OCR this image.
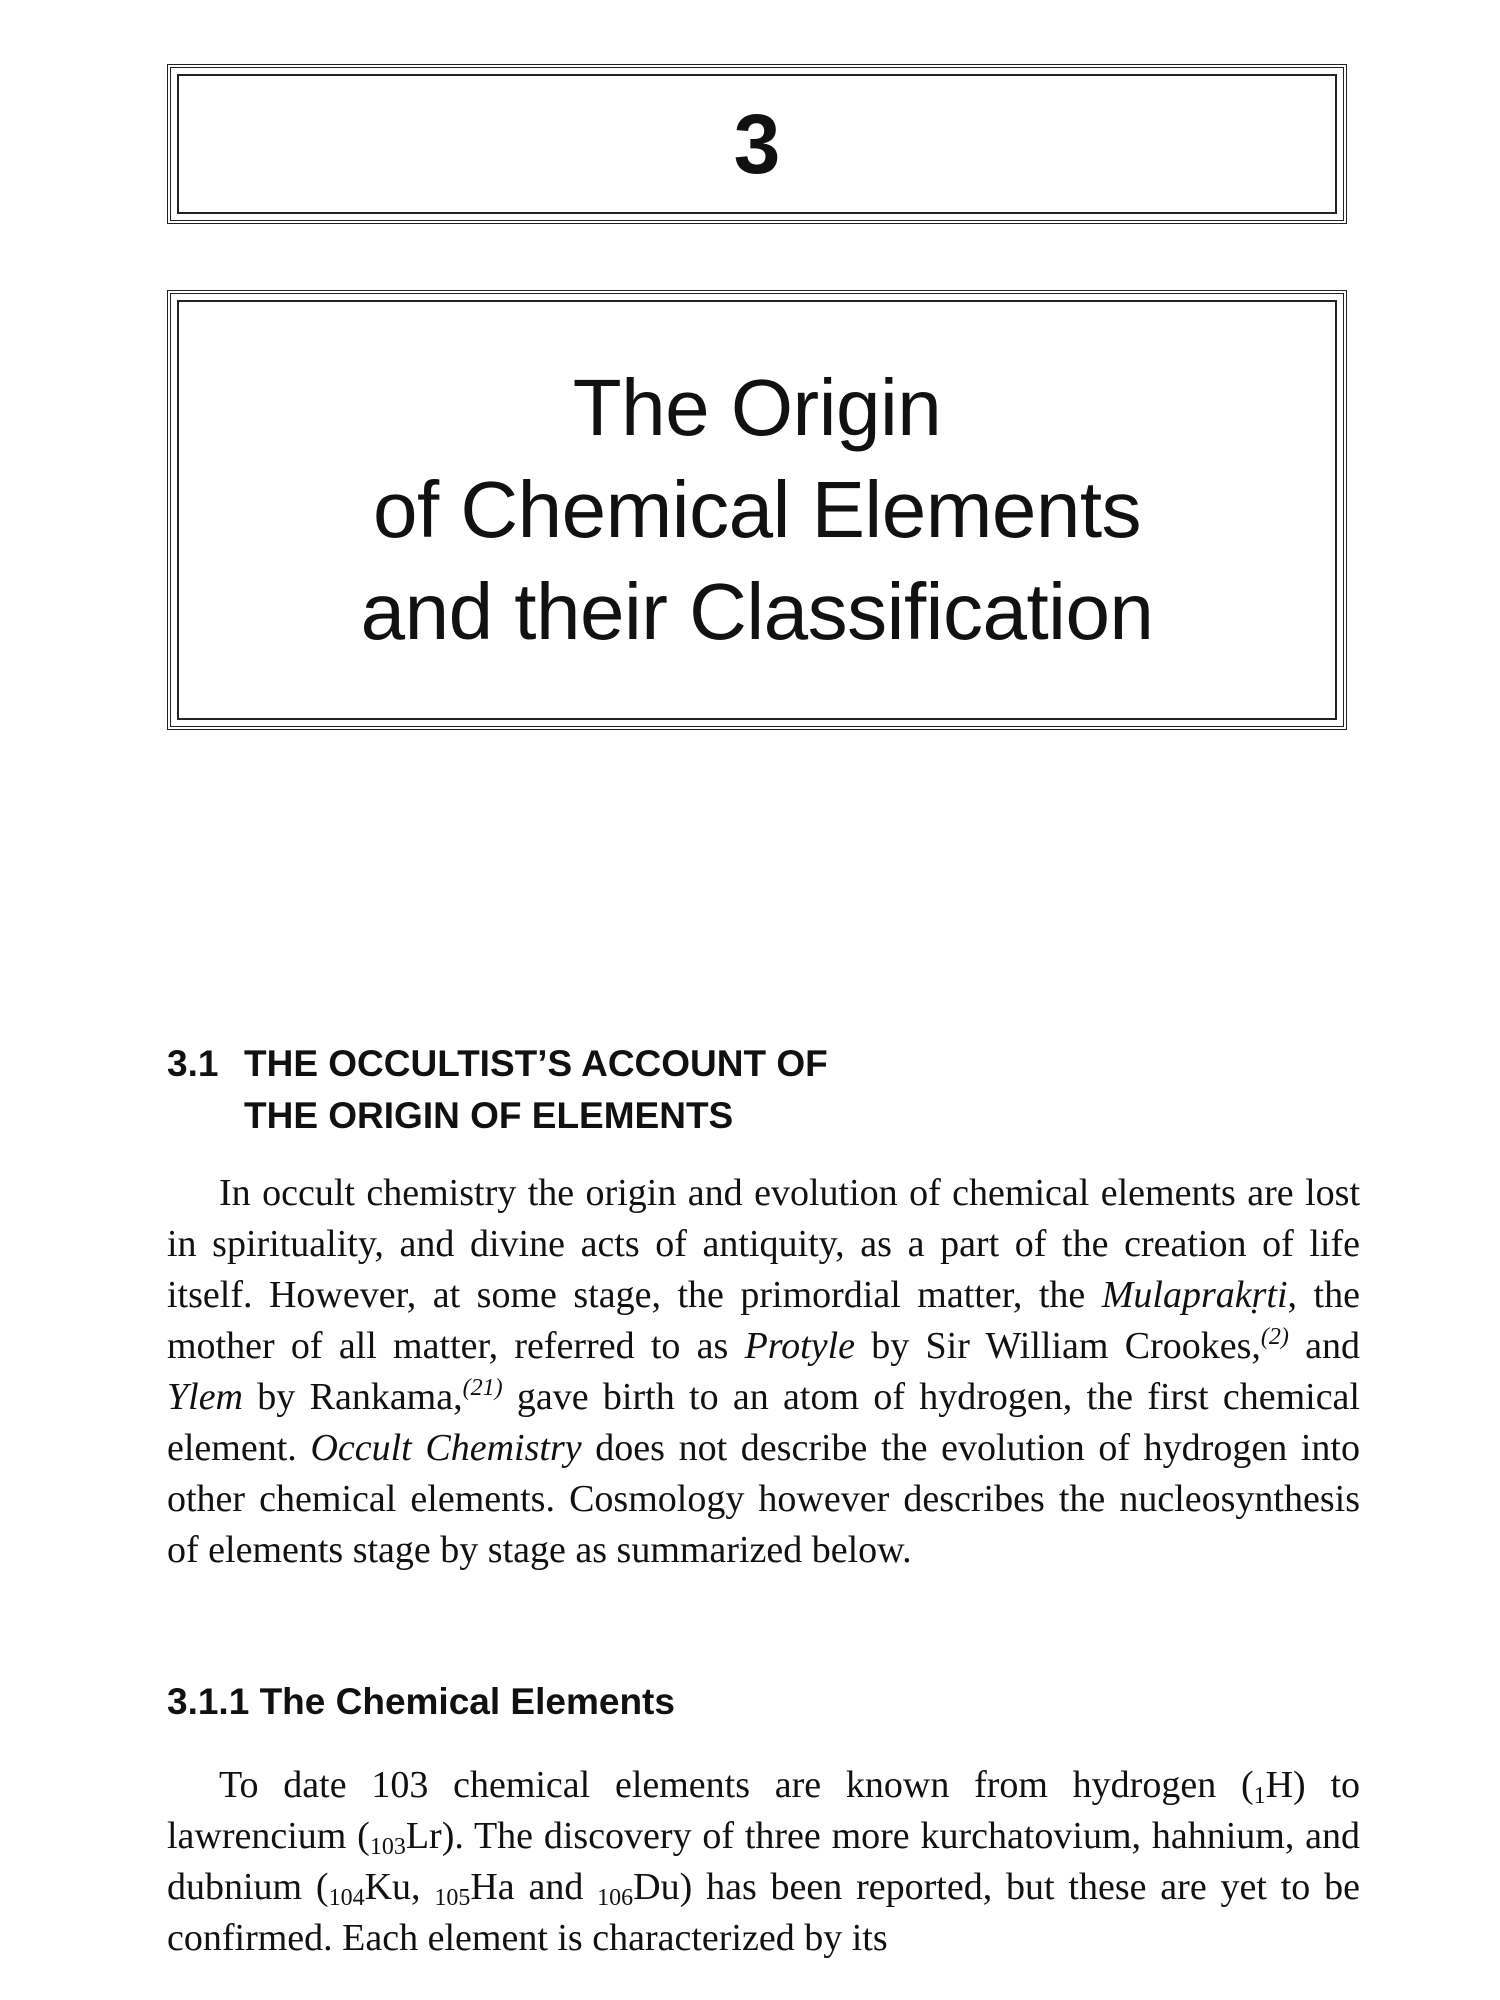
3
The Origin
of Chemical Elements
and their Classification
3.1 THE OCCULTIST’S ACCOUNT OF
THE ORIGIN OF ELEMENTS

In occult chemistry the origin and evolution of chemical elements are lost in spirituality, and divine acts of antiquity, as a part of the creation of life itself. However, at some stage, the primordial matter, the Mulaprakṛti, the mother of all matter, referred to as Protyle by Sir William Crookes,$^{(2)}$ and Ylem by Rankama,$^{(21)}$ gave birth to an atom of hydrogen, the first chemical element. Occult Chemistry does not describe the evolution of hydrogen into other chemical elements. Cosmology however describes the nucleosynthesis of elements stage by stage as summarized below.

3.1.1 The Chemical Elements

To date 103 chemical elements are known from hydrogen $(_1H)$ to lawrencium $(_{103}Lr)$. The discovery of three more kurchatovium, hahnium, and dubnium ($_{104}Ku$, $_{105}$Ha and $_{106}$Du) has been reported, but these are yet to be confirmed. Each element is characterized by its
